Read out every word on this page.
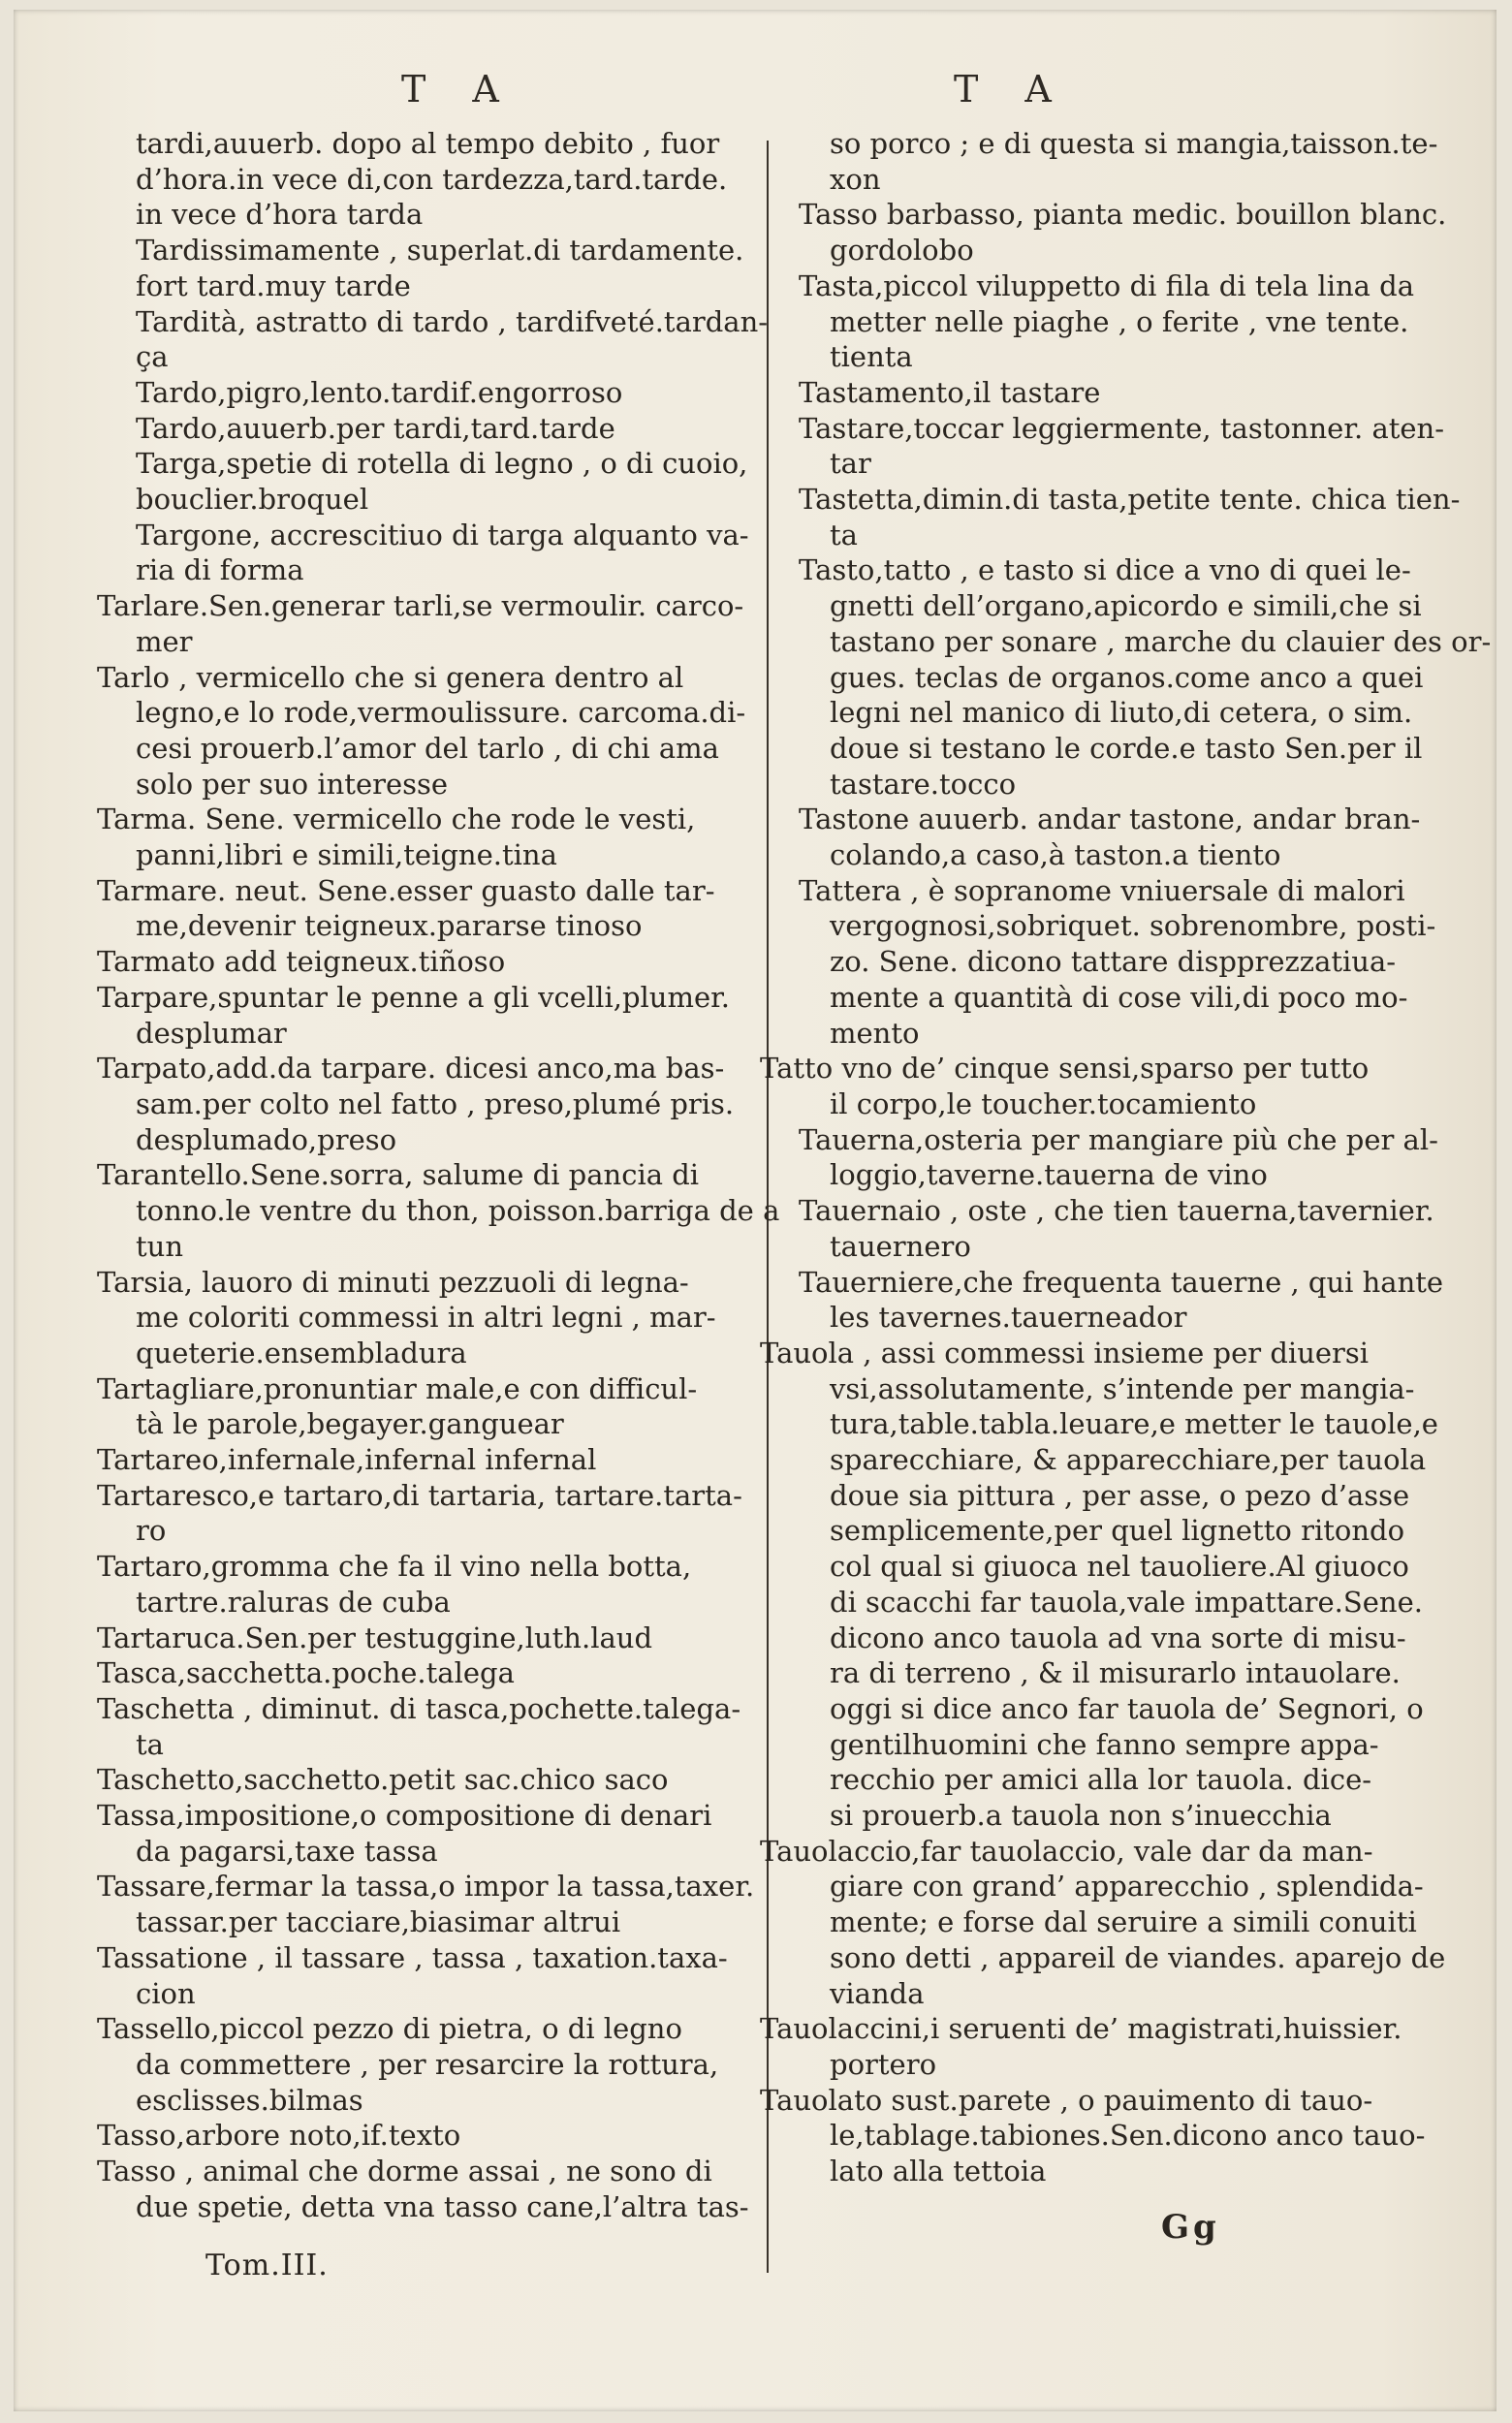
T A	T A
tardi,auuerb. dopo al tempo debito , fuor
d’hora.in vece di,con tardezza,tard.tarde.
in vece d’hora tarda
Tardissimamente , superlat.di tardamente.
fort tard.muy tarde
Tardità, astratto di tardo , tardifveté.tardan-
ça
Tardo,pigro,lento.tardif.engorroso
Tardo,auuerb.per tardi,tard.tarde
Targa,spetie di rotella di legno , o di cuoio,
bouclier.broquel
Targone, accrescitiuo di targa alquanto va-
ria di forma
Tarlare.Sen.generar tarli,se vermoulir. carco-
mer
Tarlo , vermicello che si genera dentro al
legno,e lo rode,vermoulissure. carcoma.di-
cesi prouerb.l’amor del tarlo , di chi ama
solo per suo interesse
Tarma. Sene. vermicello che rode le vesti,
panni,libri e simili,teigne.tina
Tarmare. neut. Sene.esser guasto dalle tar-
me,devenir teigneux.pararse tinoso
Tarmato add teigneux.tiñoso
Tarpare,spuntar le penne a gli vcelli,plumer.
desplumar
Tarpato,add.da tarpare. dicesi anco,ma bas-
sam.per colto nel fatto , preso,plumé pris.
desplumado,preso
Tarantello.Sene.sorra, salume di pancia di
tonno.le ventre du thon, poisson.barriga de a
tun
Tarsia, lauoro di minuti pezzuoli di legna-
me coloriti commessi in altri legni , mar-
queterie.ensembladura
Tartagliare,pronuntiar male,e con difficul-
tà le parole,begayer.ganguear
Tartareo,infernale,infernal infernal
Tartaresco,e tartaro,di tartaria, tartare.tarta-
ro
Tartaro,gromma che fa il vino nella botta,
tartre.raluras de cuba
Tartaruca.Sen.per testuggine,luth.laud
Tasca,sacchetta.poche.talega
Taschetta , diminut. di tasca,pochette.talega-
ta
Taschetto,sacchetto.petit sac.chico saco
Tassa,impositione,o compositione di denari
da pagarsi,taxe tassa
Tassare,fermar la tassa,o impor la tassa,taxer.
tassar.per tacciare,biasimar altrui
Tassatione , il tassare , tassa , taxation.taxa-
cion
Tassello,piccol pezzo di pietra, o di legno
da commettere , per resarcire la rottura,
esclisses.bilmas
Tasso,arbore noto,if.texto
Tasso , animal che dorme assai , ne sono di
due spetie, detta vna tasso cane,l’altra tas-
so porco ; e di questa si mangia,taisson.te-
xon
Tasso barbasso, pianta medic. bouillon blanc.
gordolobo
Tasta,piccol viluppetto di fila di tela lina da
metter nelle piaghe , o ferite , vne tente.
tienta
Tastamento,il tastare
Tastare,toccar leggiermente, tastonner. aten-
tar
Tastetta,dimin.di tasta,petite tente. chica tien-
ta
Tasto,tatto , e tasto si dice a vno di quei le-
gnetti dell’organo,apicordo e simili,che si
tastano per sonare , marche du clauier des or-
gues. teclas de organos.come anco a quei
legni nel manico di liuto,di cetera, o sim.
doue si testano le corde.e tasto Sen.per il
tastare.tocco
Tastone auuerb. andar tastone, andar bran-
colando,a caso,à taston.a tiento
Tattera , è sopranome vniuersale di malori
vergognosi,sobriquet. sobrenombre, posti-
zo. Sene. dicono tattare dispprezzatiua-
mente a quantità di cose vili,di poco mo-
mento
Tatto vno de’ cinque sensi,sparso per tutto
il corpo,le toucher.tocamiento
Tauerna,osteria per mangiare più che per al-
loggio,taverne.tauerna de vino
Tauernaio , oste , che tien tauerna,tavernier.
tauernero
Tauerniere,che frequenta tauerne , qui hante
les tavernes.tauerneador
Tauola , assi commessi insieme per diuersi
vsi,assolutamente, s’intende per mangia-
tura,table.tabla.leuare,e metter le tauole,e
sparecchiare, & apparecchiare,per tauola
doue sia pittura , per asse, o pezo d’asse
semplicemente,per quel lignetto ritondo
col qual si giuoca nel tauoliere.Al giuoco
di scacchi far tauola,vale impattare.Sene.
dicono anco tauola ad vna sorte di misu-
ra di terreno , & il misurarlo intauolare.
oggi si dice anco far tauola de’ Segnori, o
gentilhuomini che fanno sempre appa-
recchio per amici alla lor tauola. dice-
si prouerb.a tauola non s’inuecchia
Tauolaccio,far tauolaccio, vale dar da man-
giare con grand’ apparecchio , splendida-
mente; e forse dal seruire a simili conuiti
sono detti , appareil de viandes. aparejo de
vianda
Tauolaccini,i seruenti de’ magistrati,huissier.
portero
Tauolato sust.parete , o pauimento di tauo-
le,tablage.tabiones.Sen.dicono anco tauo-
lato alla tettoia
Tom.III.
Gg
